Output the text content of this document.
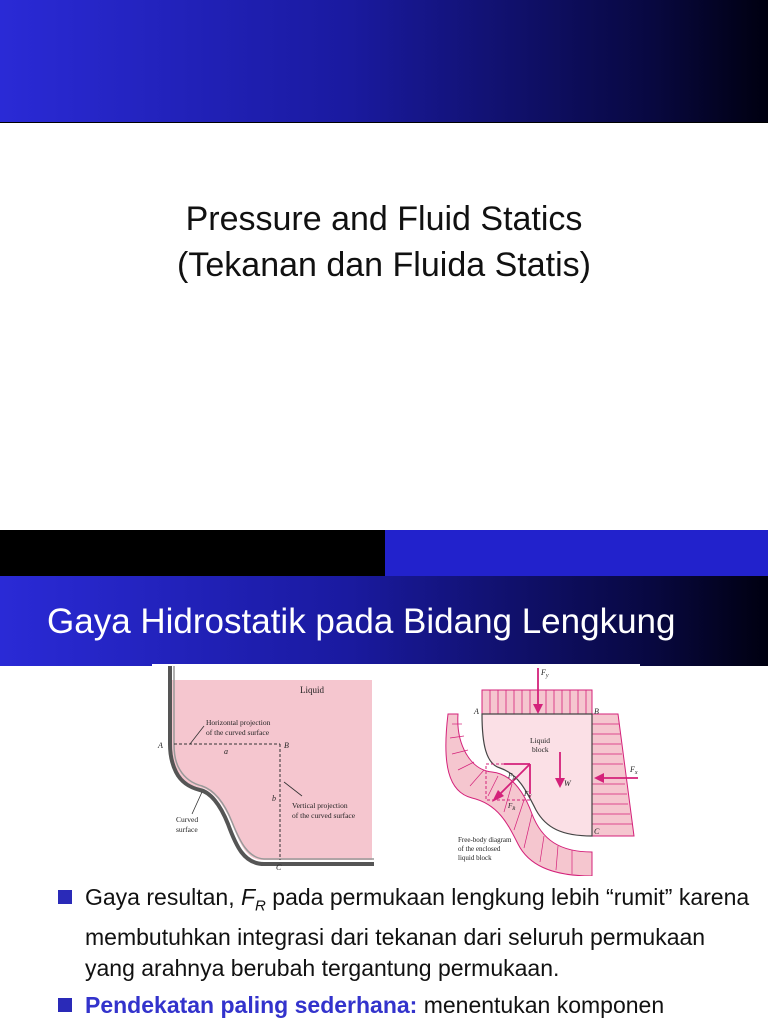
Pressure and Fluid Statics
(Tekanan dan Fluida Statis)
Gaya Hidrostatik pada Bidang Lengkung
Liquid
Horizontal projection
of the curved surface
A	B
C
a
b
Curved
surface
Vertical projection
of the curved surface
$F_y$
$F_x$
A	B
C
Liquid
block
W
$F_H$
$F_V$
$F_R$
Free-body diagram
of the enclosed
liquid block
Gaya resultan, $F_R$ pada permukaan lengkung lebih “rumit” karena membutuhkan integrasi dari tekanan dari seluruh permukaan yang arahnya berubah tergantung permukaan.
Pendekatan paling sederhana: menentukan komponen
